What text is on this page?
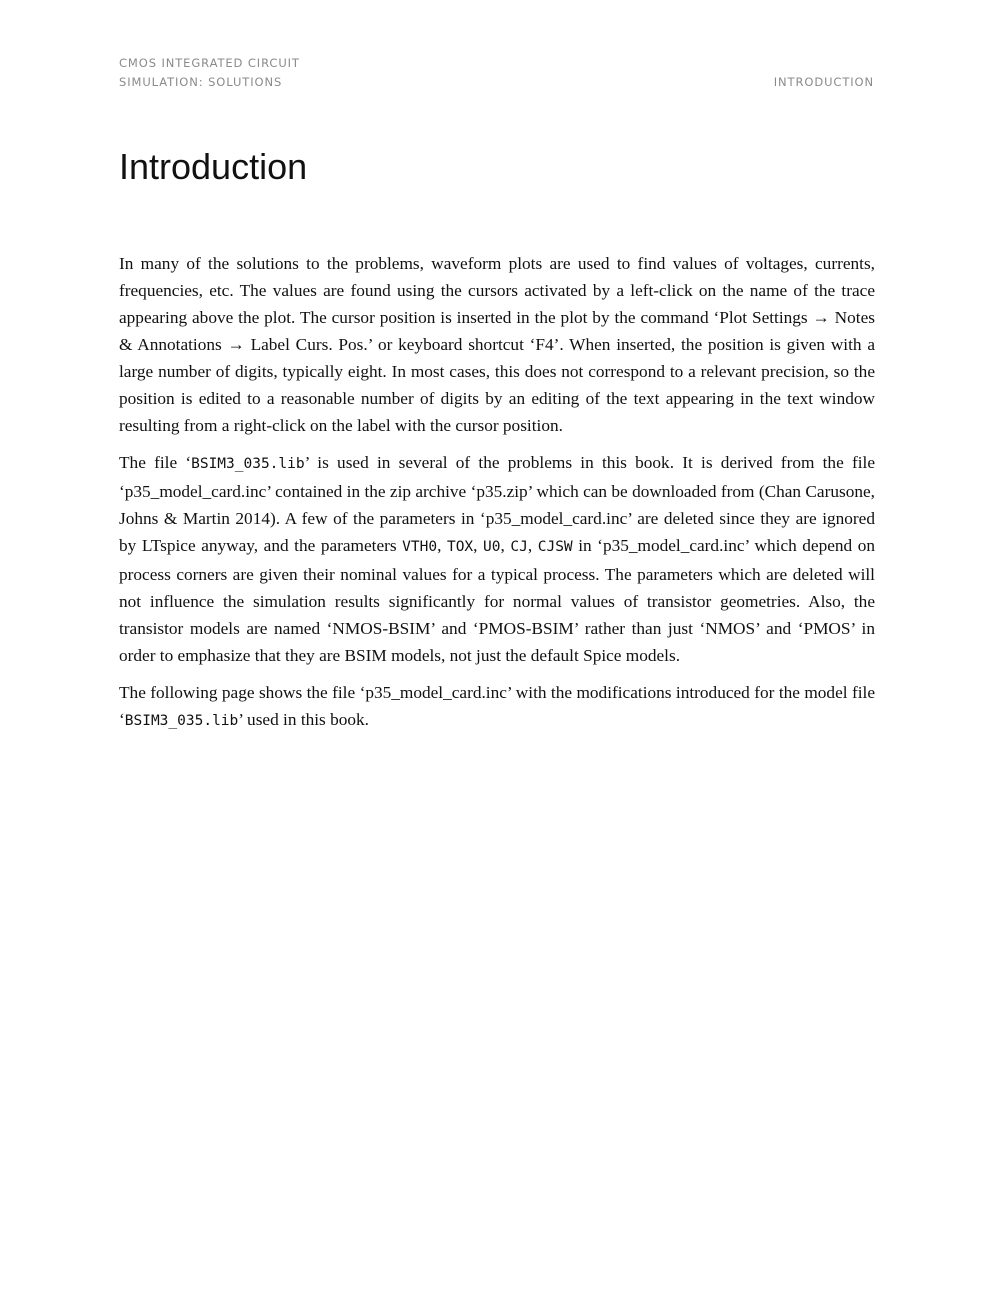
CMOS INTEGRATED CIRCUIT
SIMULATION: SOLUTIONS	INTRODUCTION
Introduction

In many of the solutions to the problems, waveform plots are used to find values of voltages, currents, frequencies, etc. The values are found using the cursors activated by a left-click on the name of the trace appearing above the plot. The cursor position is inserted in the plot by the command ‘Plot Settings → Notes & Annotations → Label Curs. Pos.’ or keyboard shortcut ‘F4’. When inserted, the position is given with a large number of digits, typically eight. In most cases, this does not correspond to a relevant precision, so the position is edited to a reasonable number of digits by an editing of the text appearing in the text window resulting from a right-click on the label with the cursor position.

The file ‘BSIM3_035.lib’ is used in several of the problems in this book. It is derived from the file ‘p35_model_card.inc’ contained in the zip archive ‘p35.zip’ which can be downloaded from (Chan Carusone, Johns & Martin 2014). A few of the parameters in ‘p35_model_card.inc’ are deleted since they are ignored by LTspice anyway, and the parameters VTH0, TOX, U0, CJ, CJSW in ‘p35_model_card.inc’ which depend on process corners are given their nominal values for a typical process. The parameters which are deleted will not influence the simulation results significantly for normal values of transistor geometries. Also, the transistor models are named ‘NMOS-BSIM’ and ‘PMOS-BSIM’ rather than just ‘NMOS’ and ‘PMOS’ in order to emphasize that they are BSIM models, not just the default Spice models.

The following page shows the file ‘p35_model_card.inc’ with the modifications introduced for the model file ‘BSIM3_035.lib’ used in this book.
